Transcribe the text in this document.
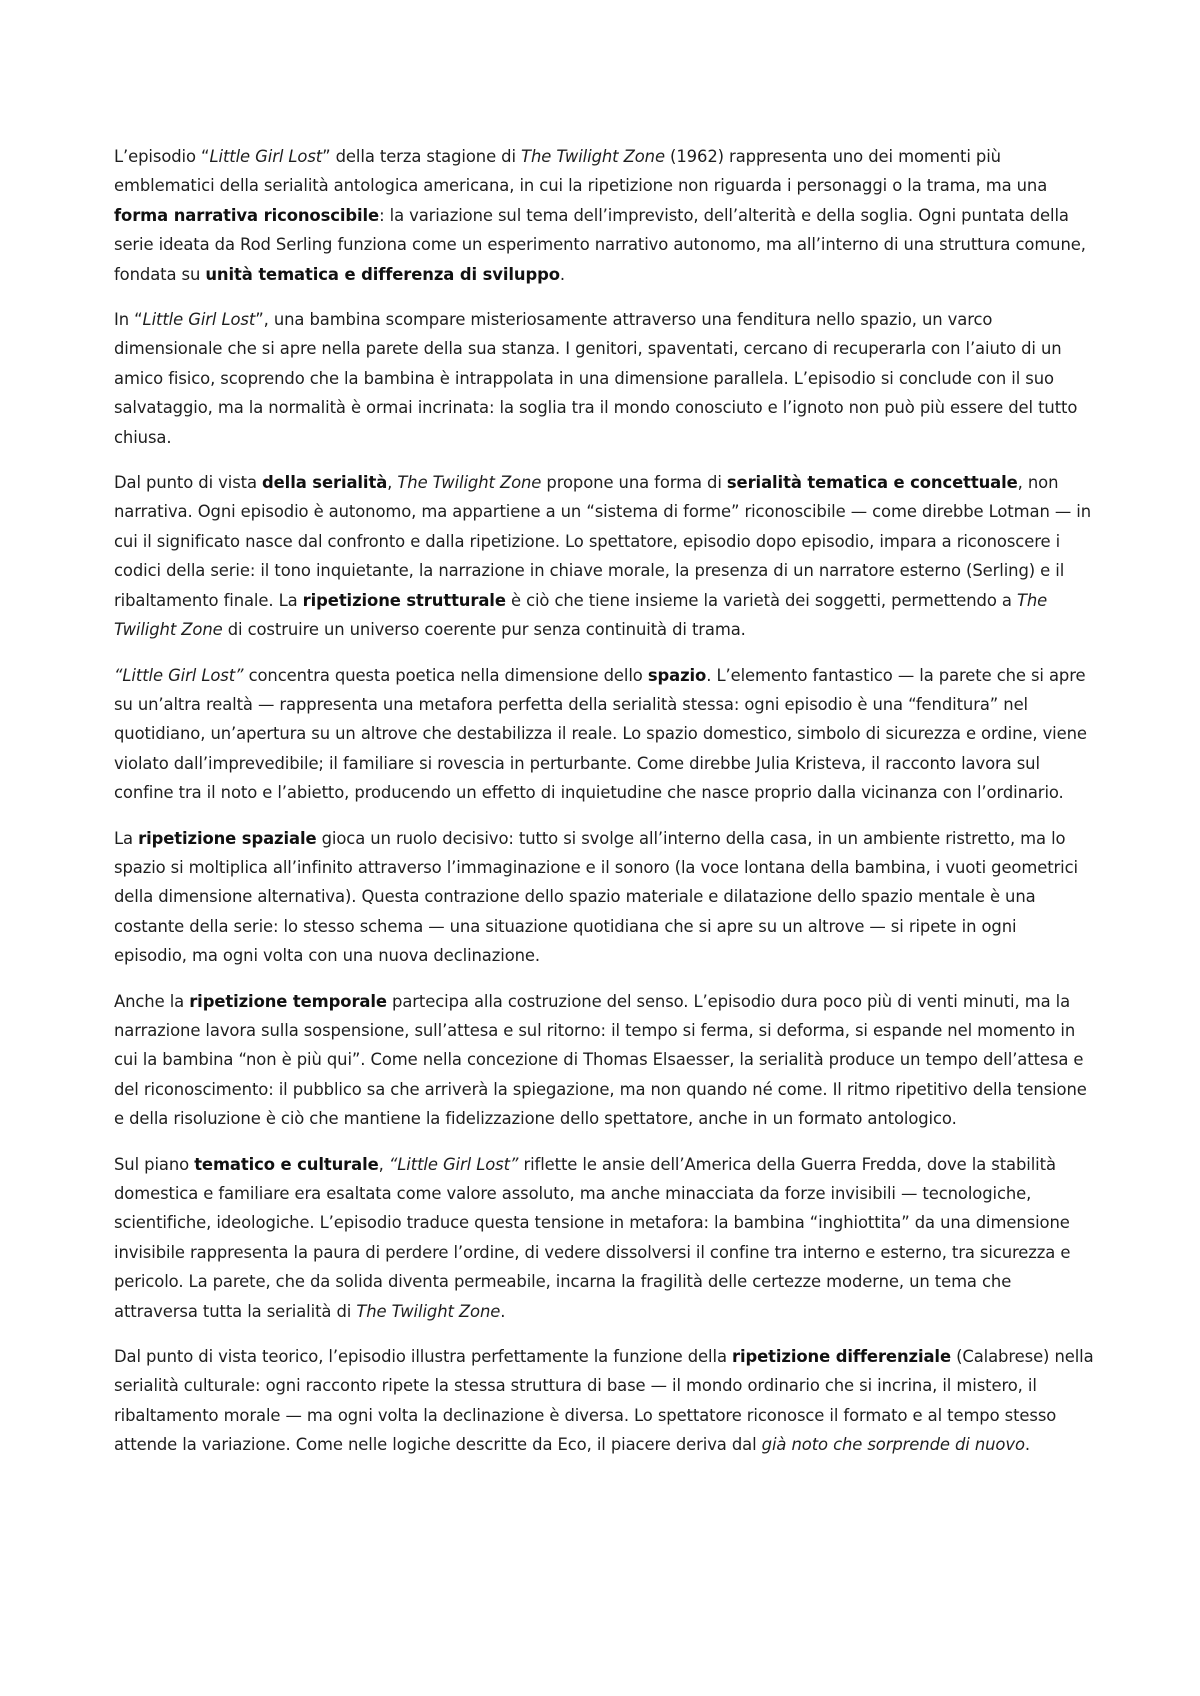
L’episodio “Little Girl Lost” della terza stagione di The Twilight Zone (1962) rappresenta uno dei momenti più emblematici della serialità antologica americana, in cui la ripetizione non riguarda i personaggi o la trama, ma una forma narrativa riconoscibile: la variazione sul tema dell’imprevisto, dell’alterità e della soglia. Ogni puntata della serie ideata da Rod Serling funziona come un esperimento narrativo autonomo, ma all’interno di una struttura comune, fondata su unità tematica e differenza di sviluppo.

In “Little Girl Lost”, una bambina scompare misteriosamente attraverso una fenditura nello spazio, un varco dimensionale che si apre nella parete della sua stanza. I genitori, spaventati, cercano di recuperarla con l’aiuto di un amico fisico, scoprendo che la bambina è intrappolata in una dimensione parallela. L’episodio si conclude con il suo salvataggio, ma la normalità è ormai incrinata: la soglia tra il mondo conosciuto e l’ignoto non può più essere del tutto chiusa.

Dal punto di vista della serialità, The Twilight Zone propone una forma di serialità tematica e concettuale, non narrativa. Ogni episodio è autonomo, ma appartiene a un “sistema di forme” riconoscibile — come direbbe Lotman — in cui il significato nasce dal confronto e dalla ripetizione. Lo spettatore, episodio dopo episodio, impara a riconoscere i codici della serie: il tono inquietante, la narrazione in chiave morale, la presenza di un narratore esterno (Serling) e il ribaltamento finale. La ripetizione strutturale è ciò che tiene insieme la varietà dei soggetti, permettendo a The Twilight Zone di costruire un universo coerente pur senza continuità di trama.

“Little Girl Lost” concentra questa poetica nella dimensione dello spazio. L’elemento fantastico — la parete che si apre su un’altra realtà — rappresenta una metafora perfetta della serialità stessa: ogni episodio è una “fenditura” nel quotidiano, un’apertura su un altrove che destabilizza il reale. Lo spazio domestico, simbolo di sicurezza e ordine, viene violato dall’imprevedibile; il familiare si rovescia in perturbante. Come direbbe Julia Kristeva, il racconto lavora sul confine tra il noto e l’abietto, producendo un effetto di inquietudine che nasce proprio dalla vicinanza con l’ordinario.

La ripetizione spaziale gioca un ruolo decisivo: tutto si svolge all’interno della casa, in un ambiente ristretto, ma lo spazio si moltiplica all’infinito attraverso l’immaginazione e il sonoro (la voce lontana della bambina, i vuoti geometrici della dimensione alternativa). Questa contrazione dello spazio materiale e dilatazione dello spazio mentale è una costante della serie: lo stesso schema — una situazione quotidiana che si apre su un altrove — si ripete in ogni episodio, ma ogni volta con una nuova declinazione.

Anche la ripetizione temporale partecipa alla costruzione del senso. L’episodio dura poco più di venti minuti, ma la narrazione lavora sulla sospensione, sull’attesa e sul ritorno: il tempo si ferma, si deforma, si espande nel momento in cui la bambina “non è più qui”. Come nella concezione di Thomas Elsaesser, la serialità produce un tempo dell’attesa e del riconoscimento: il pubblico sa che arriverà la spiegazione, ma non quando né come. Il ritmo ripetitivo della tensione e della risoluzione è ciò che mantiene la fidelizzazione dello spettatore, anche in un formato antologico.

Sul piano tematico e culturale, “Little Girl Lost” riflette le ansie dell’America della Guerra Fredda, dove la stabilità domestica e familiare era esaltata come valore assoluto, ma anche minacciata da forze invisibili — tecnologiche, scientifiche, ideologiche. L’episodio traduce questa tensione in metafora: la bambina “inghiottita” da una dimensione invisibile rappresenta la paura di perdere l’ordine, di vedere dissolversi il confine tra interno e esterno, tra sicurezza e pericolo. La parete, che da solida diventa permeabile, incarna la fragilità delle certezze moderne, un tema che attraversa tutta la serialità di The Twilight Zone.

Dal punto di vista teorico, l’episodio illustra perfettamente la funzione della ripetizione differenziale (Calabrese) nella serialità culturale: ogni racconto ripete la stessa struttura di base — il mondo ordinario che si incrina, il mistero, il ribaltamento morale — ma ogni volta la declinazione è diversa. Lo spettatore riconosce il formato e al tempo stesso attende la variazione. Come nelle logiche descritte da Eco, il piacere deriva dal già noto che sorprende di nuovo.
